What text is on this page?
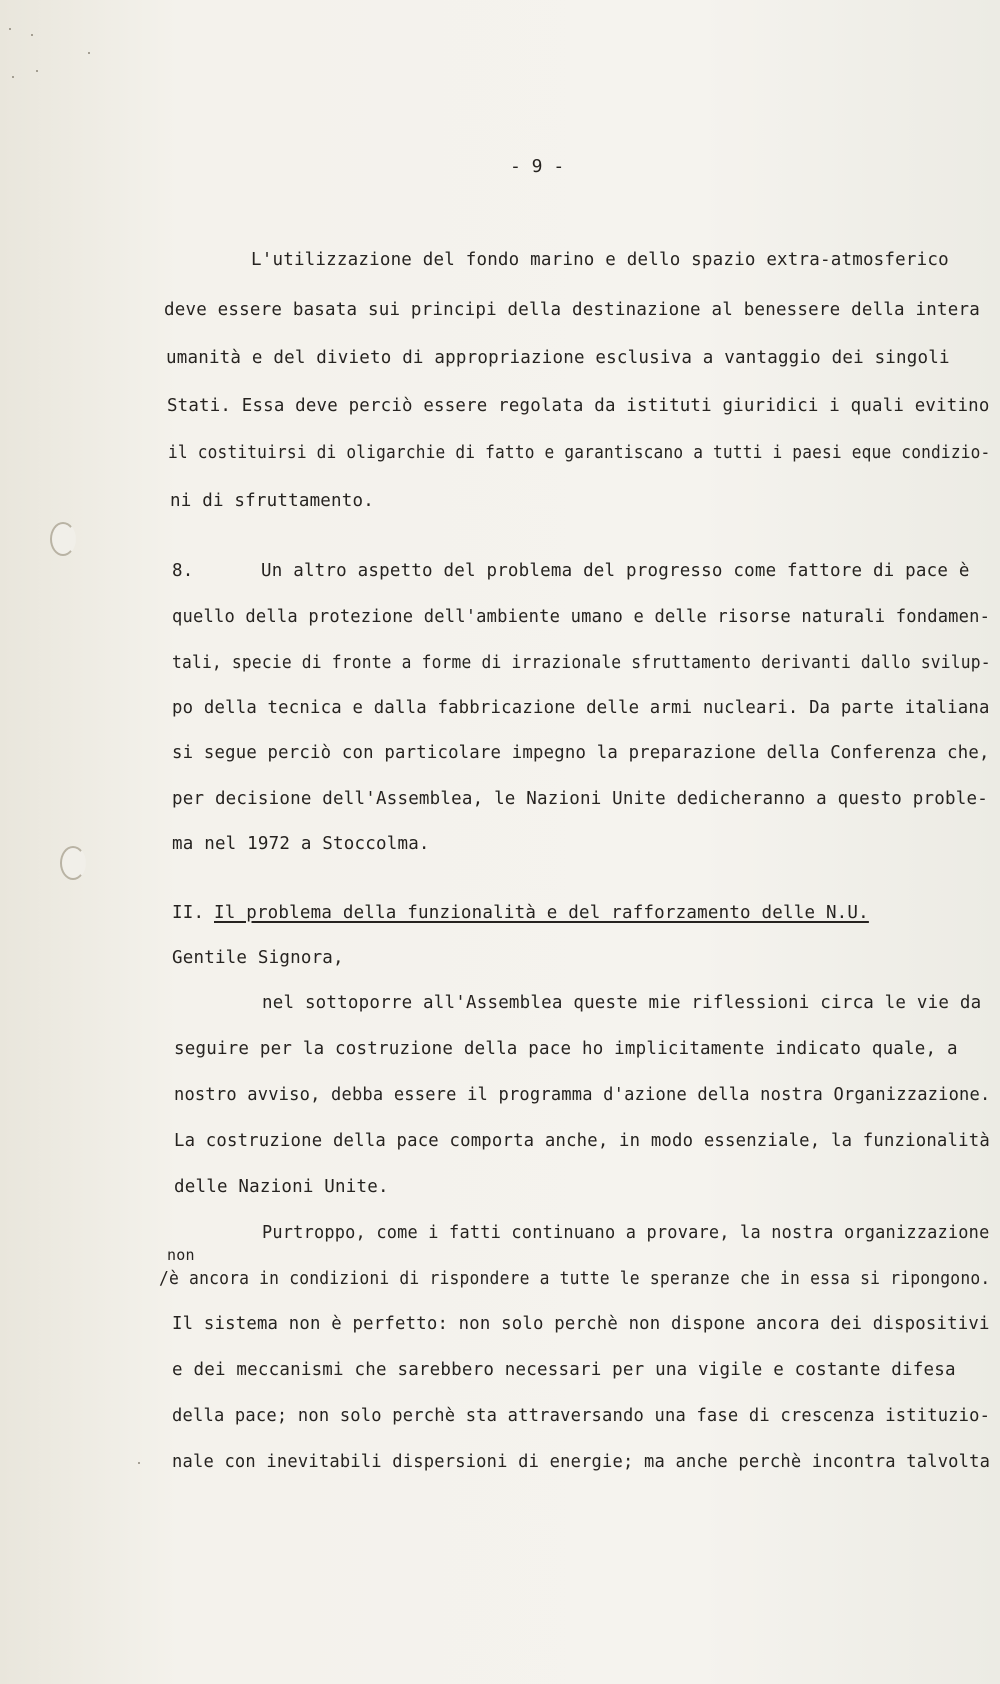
- 9 -
L'utilizzazione del fondo marino e dello spazio extra-atmosferico
deve essere basata sui principi della destinazione al benessere della intera
umanità e del divieto di appropriazione esclusiva a vantaggio dei singoli
Stati. Essa deve perciò essere regolata da istituti giuridici i quali evitino
il costituirsi di oligarchie di fatto e garantiscano a tutti i paesi eque condizio-
ni di sfruttamento.
8.	Un altro aspetto del problema del progresso come fattore di pace è
quello della protezione dell'ambiente umano e delle risorse naturali fondamen-
tali, specie di fronte a forme di irrazionale sfruttamento derivanti dallo svilup-
po della tecnica e dalla fabbricazione delle armi nucleari. Da parte italiana
si segue perciò con particolare impegno la preparazione della Conferenza che,
per decisione dell'Assemblea, le Nazioni Unite dedicheranno a questo proble-
ma nel 1972 a Stoccolma.
II. Il problema della funzionalità e del rafforzamento delle N.U.
Gentile Signora,
nel sottoporre all'Assemblea queste mie riflessioni circa le vie da
seguire per la costruzione della pace ho implicitamente indicato quale, a
nostro avviso, debba essere il programma d'azione della nostra Organizzazione.
La costruzione della pace comporta anche, in modo essenziale, la funzionalità
delle Nazioni Unite.
Purtroppo, come i fatti continuano a provare, la nostra organizzazione
non
/è ancora in condizioni di rispondere a tutte le speranze che in essa si ripongono.
Il sistema non è perfetto: non solo perchè non dispone ancora dei dispositivi
e dei meccanismi che sarebbero necessari per una vigile e costante difesa
della pace; non solo perchè sta attraversando una fase di crescenza istituzio-
nale con inevitabili dispersioni di energie; ma anche perchè incontra talvolta
